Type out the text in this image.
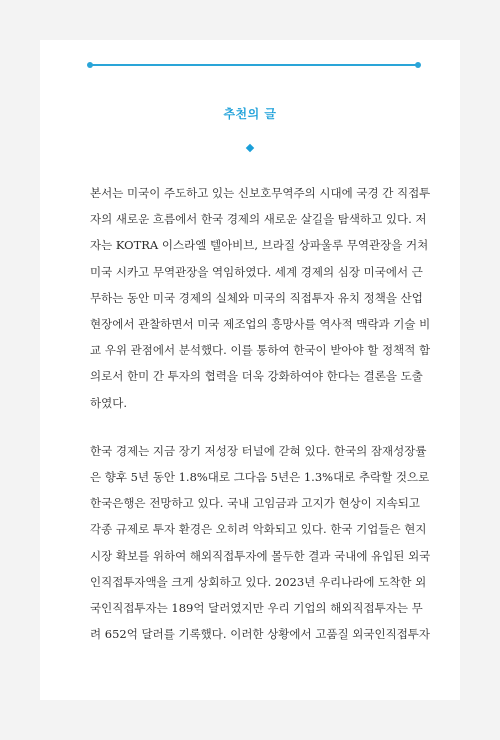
추천의 글

본서는 미국이 주도하고 있는 신보호무역주의 시대에 국경 간 직접투
자의 새로운 흐름에서 한국 경제의 새로운 살길을 탐색하고 있다. 저
자는 KOTRA 이스라엘 텔아비브, 브라질 상파울루 무역관장을 거쳐
미국 시카고 무역관장을 역임하였다. 세계 경제의 심장 미국에서 근
무하는 동안 미국 경제의 실체와 미국의 직접투자 유치 정책을 산업
현장에서 관찰하면서 미국 제조업의 흥망사를 역사적 맥락과 기술 비
교 우위 관점에서 분석했다. 이를 통하여 한국이 받아야 할 정책적 함
의로서 한미 간 투자의 협력을 더욱 강화하여야 한다는 결론을 도출
하였다.

한국 경제는 지금 장기 저성장 터널에 갇혀 있다. 한국의 잠재성장률
은 향후 5년 동안 1.8%대로 그다음 5년은 1.3%대로 추락할 것으로
한국은행은 전망하고 있다. 국내 고임금과 고지가 현상이 지속되고
각종 규제로 투자 환경은 오히려 악화되고 있다. 한국 기업들은 현지
시장 확보를 위하여 해외직접투자에 몰두한 결과 국내에 유입된 외국
인직접투자액을 크게 상회하고 있다. 2023년 우리나라에 도착한 외
국인직접투자는 189억 달러였지만 우리 기업의 해외직접투자는 무
려 652억 달러를 기록했다. 이러한 상황에서 고품질 외국인직접투자
